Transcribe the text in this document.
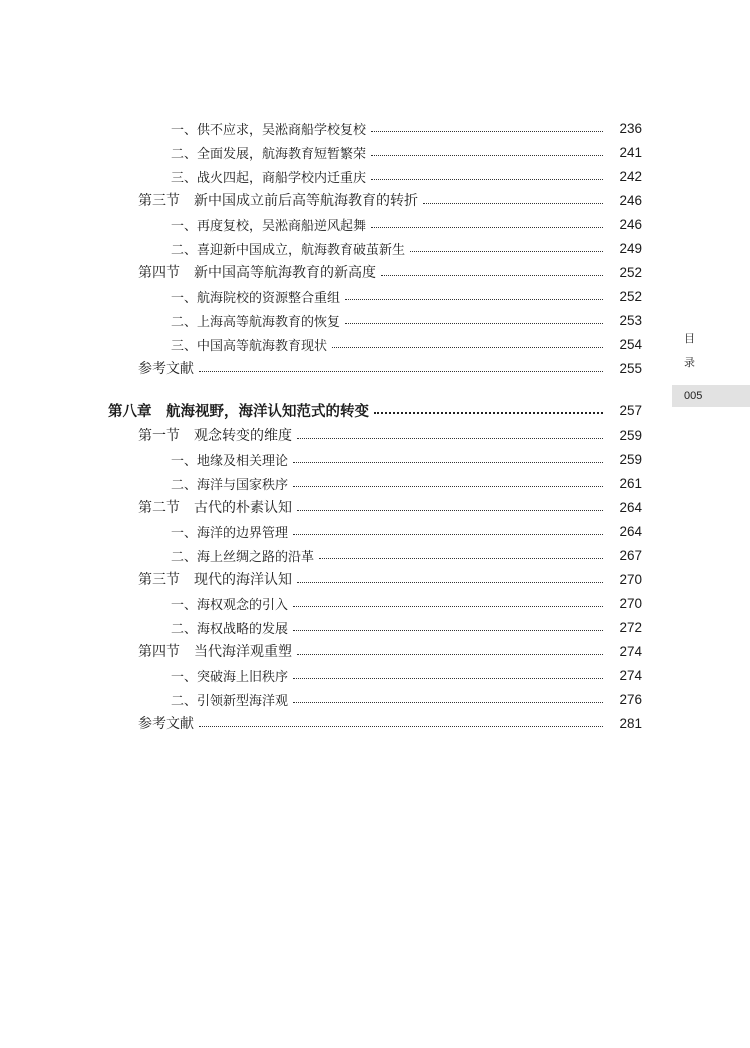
一、供不应求，吴淞商船学校复校	236
二、全面发展，航海教育短暂繁荣	241
三、战火四起，商船学校内迁重庆	242
第三节　新中国成立前后高等航海教育的转折	246
一、再度复校，吴淞商船逆风起舞	246
二、喜迎新中国成立，航海教育破茧新生	249
第四节　新中国高等航海教育的新高度	252
一、航海院校的资源整合重组	252
二、上海高等航海教育的恢复	253
三、中国高等航海教育现状	254
参考文献	255
第八章　航海视野，海洋认知范式的转变	257
第一节　观念转变的维度	259
一、地缘及相关理论	259
二、海洋与国家秩序	261
第二节　古代的朴素认知	264
一、海洋的边界管理	264
二、海上丝绸之路的沿革	267
第三节　现代的海洋认知	270
一、海权观念的引入	270
二、海权战略的发展	272
第四节　当代海洋观重塑	274
一、突破海上旧秩序	274
二、引领新型海洋观	276
参考文献	281
目
录
005
